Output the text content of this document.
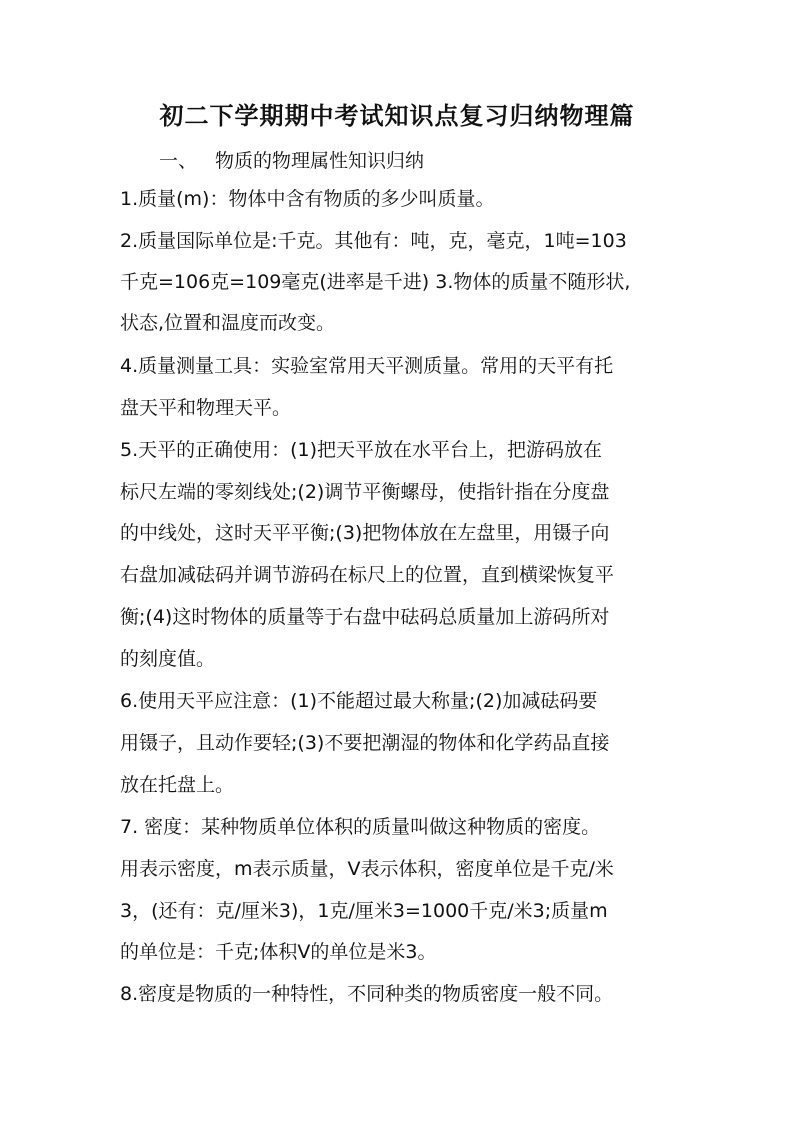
初二下学期期中考试知识点复习归纳物理篇

一、 物质的物理属性知识归纳

1.质量(m)：物体中含有物质的多少叫质量。

2.质量国际单位是:千克。其他有：吨，克，毫克，1吨=103

千克=106克=109毫克(进率是千进) 3.物体的质量不随形状,

状态,位置和温度而改变。

4.质量测量工具：实验室常用天平测质量。常用的天平有托

盘天平和物理天平。

5.天平的正确使用：(1)把天平放在水平台上，把游码放在

标尺左端的零刻线处;(2)调节平衡螺母，使指针指在分度盘

的中线处，这时天平平衡;(3)把物体放在左盘里，用镊子向

右盘加减砝码并调节游码在标尺上的位置，直到横梁恢复平

衡;(4)这时物体的质量等于右盘中砝码总质量加上游码所对

的刻度值。

6.使用天平应注意：(1)不能超过最大称量;(2)加减砝码要

用镊子，且动作要轻;(3)不要把潮湿的物体和化学药品直接

放在托盘上。

7. 密度：某种物质单位体积的质量叫做这种物质的密度。

用表示密度，m表示质量，V表示体积，密度单位是千克/米

3，(还有：克/厘米3)，1克/厘米3=1000千克/米3;质量m

的单位是：千克;体积V的单位是米3。

8.密度是物质的一种特性，不同种类的物质密度一般不同。
